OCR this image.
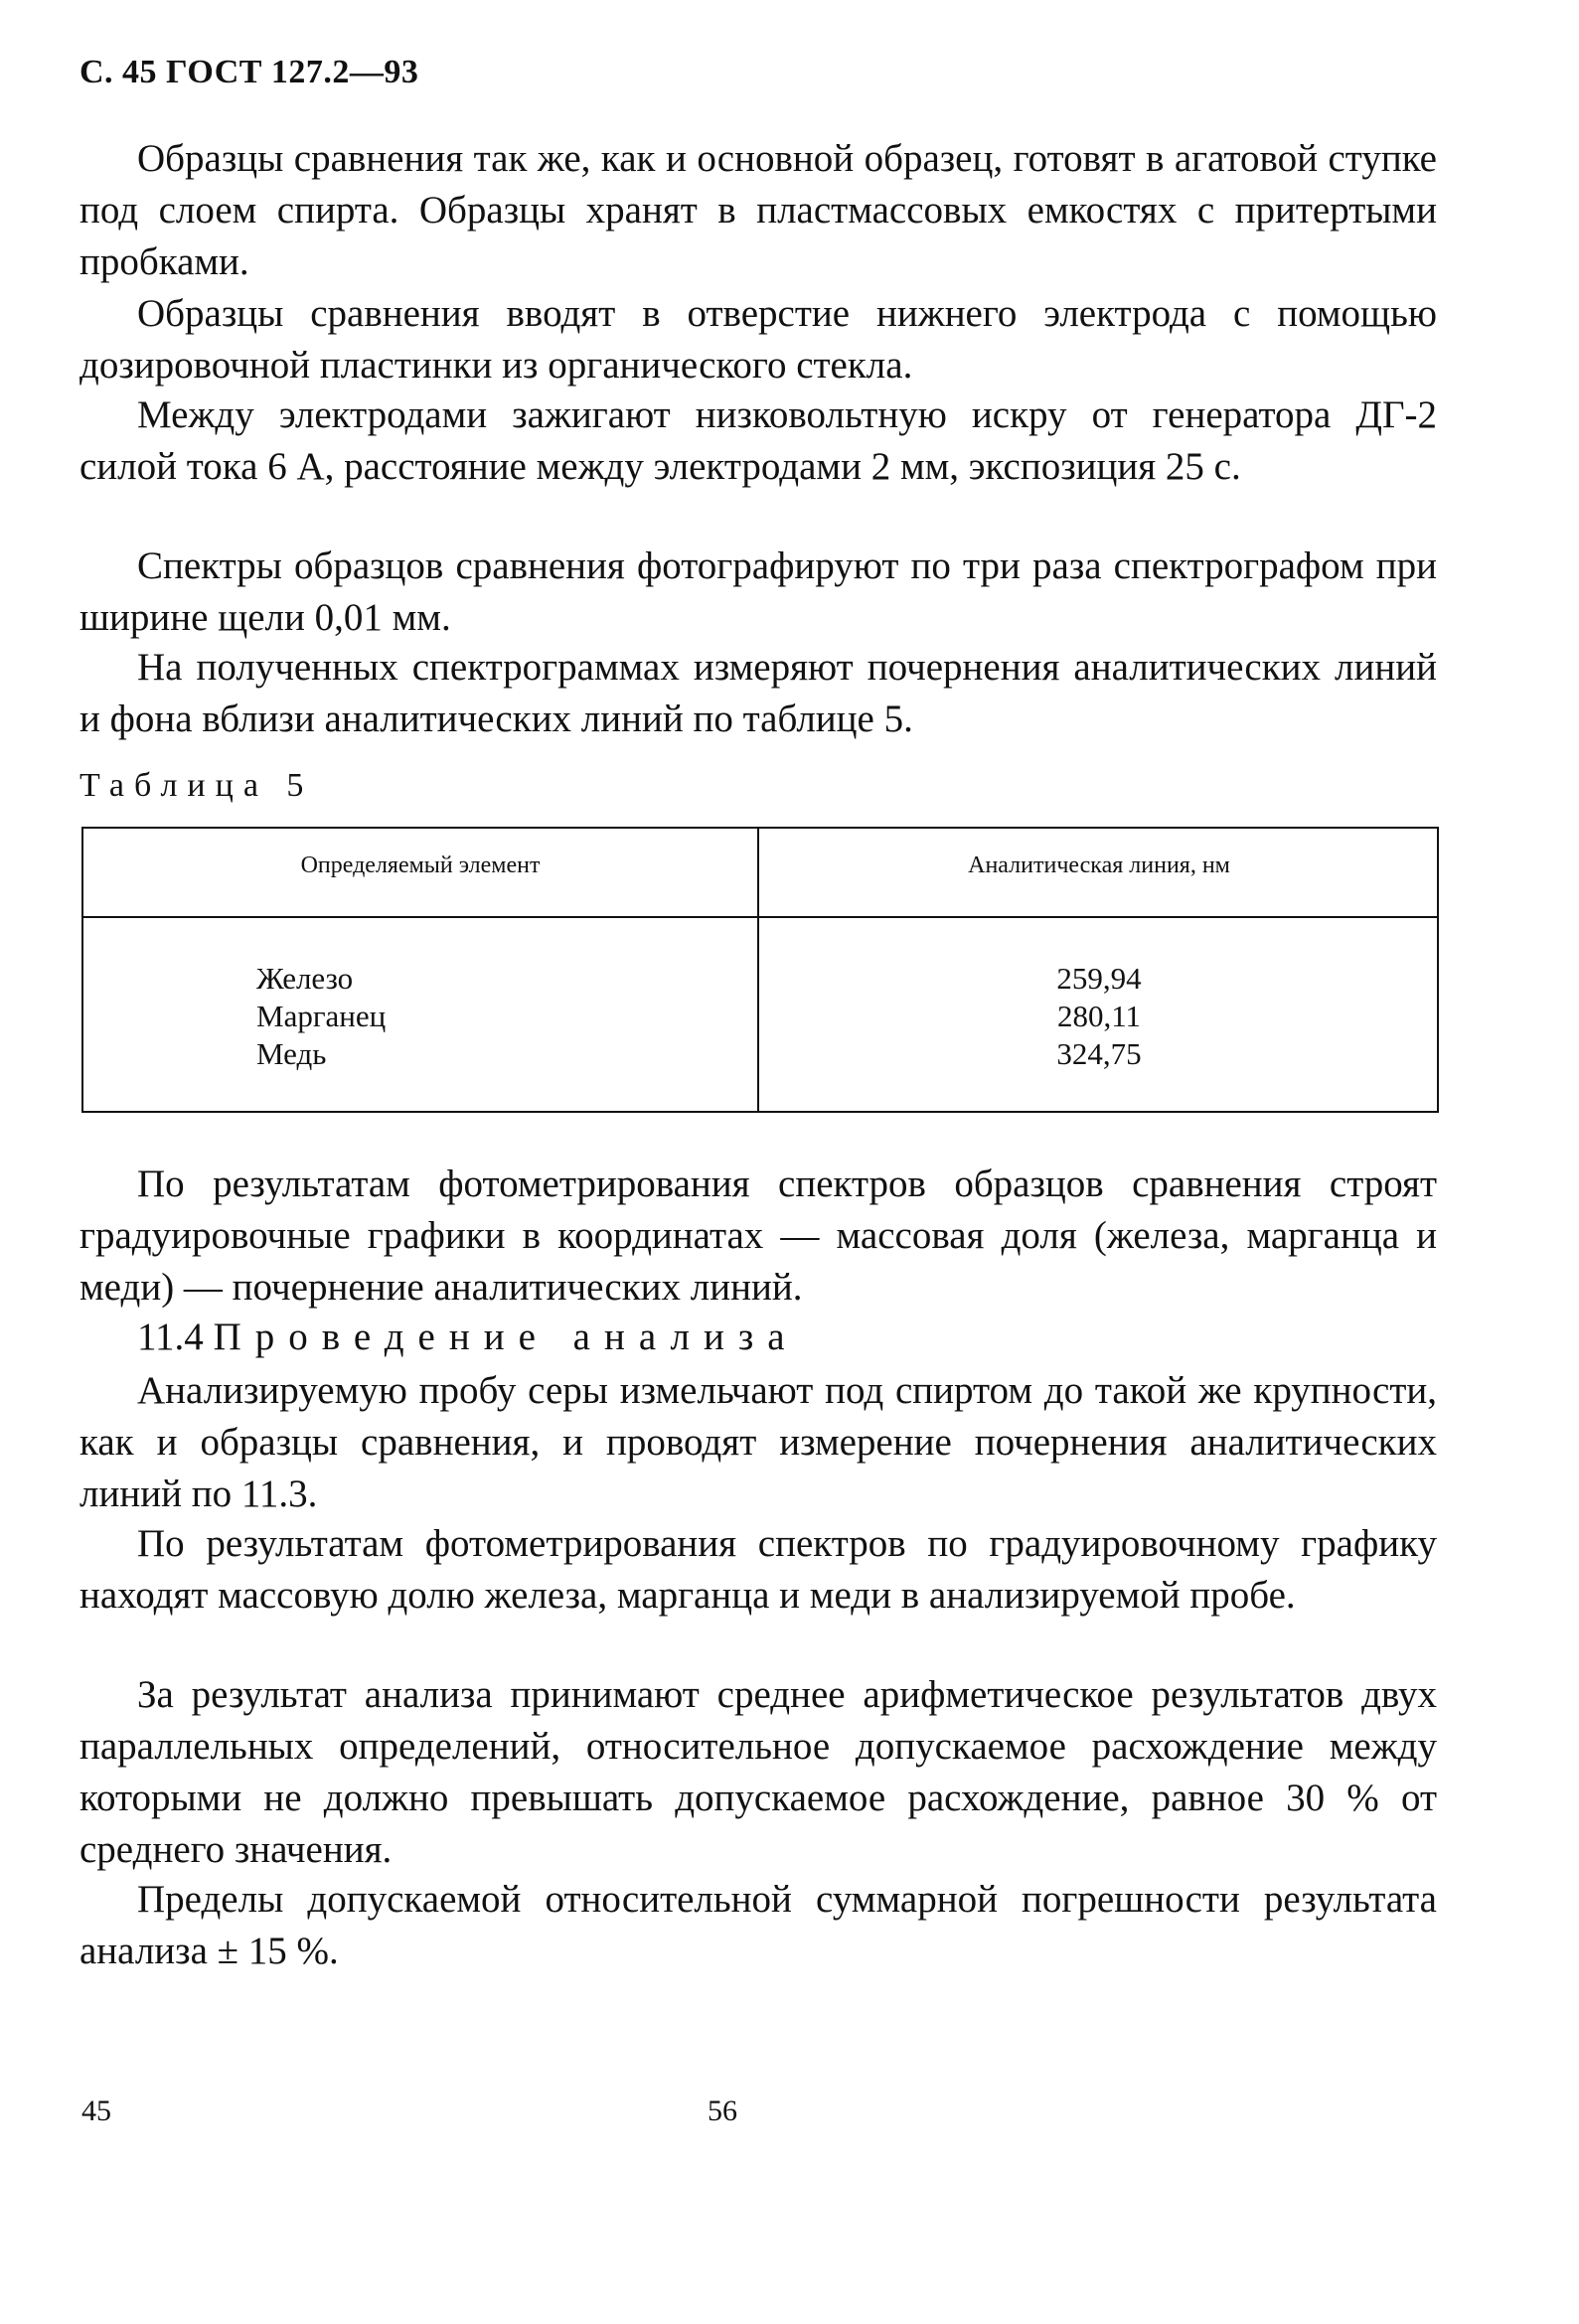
С. 45 ГОСТ 127.2—93

Образцы сравнения так же, как и основной образец, готовят в агатовой ступке под слоем спирта. Образцы хранят в пластмассовых емкостях с притертыми пробками.

Образцы сравнения вводят в отверстие нижнего электрода с помощью дозировочной пластинки из органического стекла.

Между электродами зажигают низковольтную искру от генератора ДГ-2 силой тока 6 А, расстояние между электродами 2 мм, экспозиция 25 с.

Спектры образцов сравнения фотографируют по три раза спектрографом при ширине щели 0,01 мм.

На полученных спектрограммах измеряют почернения аналитических линий и фона вблизи аналитических линий по таблице 5.

Таблица 5
Определяемый элемент	Аналитическая линия, нм
Железо
Марганец
Медь
259,94
280,11
324,75

По результатам фотометрирования спектров образцов сравнения строят градуировочные графики в координатах — массовая доля (железа, марганца и меди) — почернение аналитических линий.

11.4 Проведение анализа

Анализируемую пробу серы измельчают под спиртом до такой же крупности, как и образцы сравнения, и проводят измерение почернения аналитических линий по 11.3.

По результатам фотометрирования спектров по градуировочному графику находят массовую долю железа, марганца и меди в анализируемой пробе.

За результат анализа принимают среднее арифметическое результатов двух параллельных определений, относительное допускаемое расхождение между которыми не должно превышать допускаемое расхождение, равное 30 % от среднего значения.

Пределы допускаемой относительной суммарной погрешности результата анализа ± 15 %.

45	56
